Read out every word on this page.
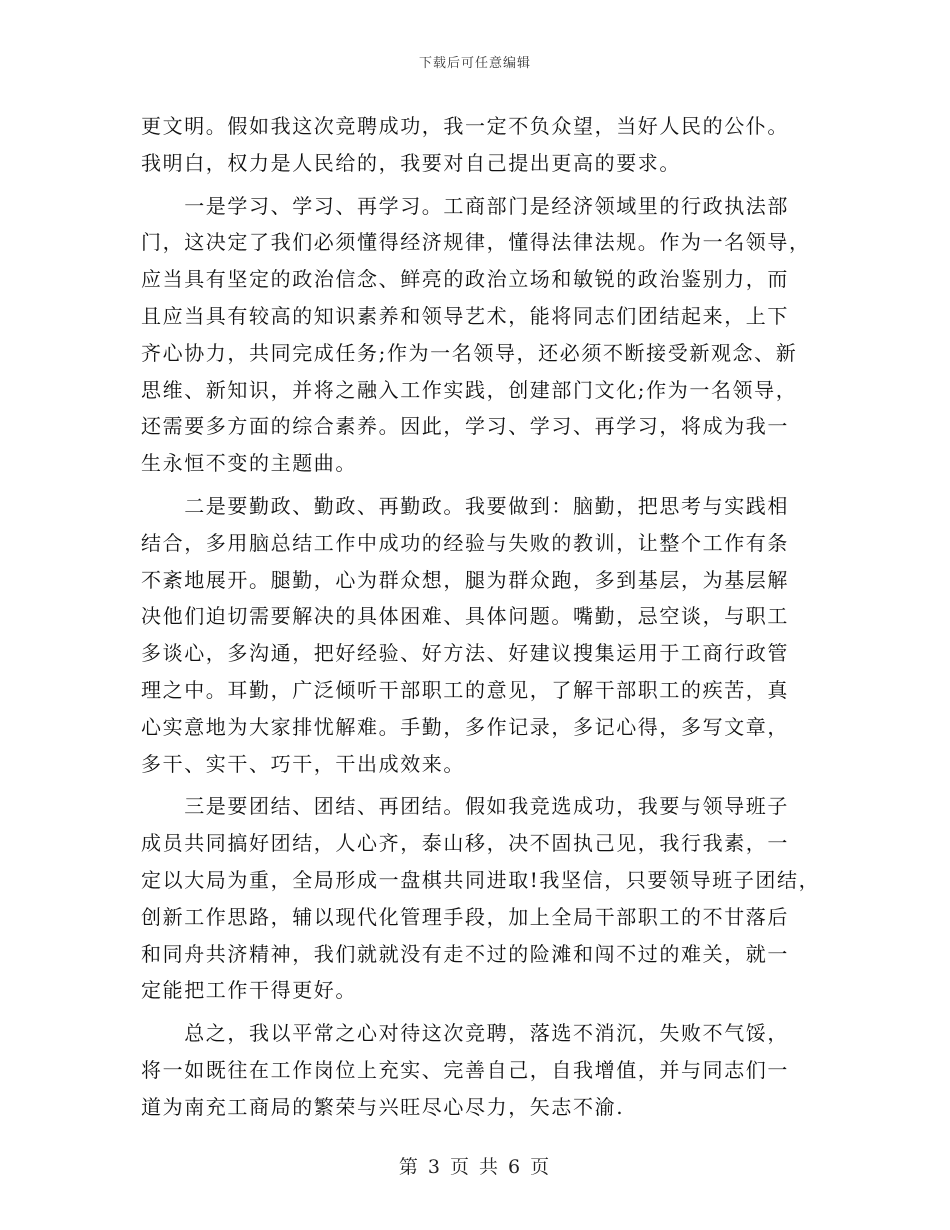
下载后可任意编辑
更文明。假如我这次竞聘成功，我一定不负众望，当好人民的公仆。
我明白，权力是人民给的，我要对自己提出更高的要求。
　　一是学习、学习、再学习。工商部门是经济领域里的行政执法部
门，这决定了我们必须懂得经济规律，懂得法律法规。作为一名领导，
应当具有坚定的政治信念、鲜亮的政治立场和敏锐的政治鉴别力，而
且应当具有较高的知识素养和领导艺术，能将同志们团结起来，上下
齐心协力，共同完成任务;作为一名领导，还必须不断接受新观念、新
思维、新知识，并将之融入工作实践，创建部门文化;作为一名领导，
还需要多方面的综合素养。因此，学习、学习、再学习，将成为我一
生永恒不变的主题曲。
　　二是要勤政、勤政、再勤政。我要做到：脑勤，把思考与实践相
结合，多用脑总结工作中成功的经验与失败的教训，让整个工作有条
不紊地展开。腿勤，心为群众想，腿为群众跑，多到基层，为基层解
决他们迫切需要解决的具体困难、具体问题。嘴勤，忌空谈，与职工
多谈心，多沟通，把好经验、好方法、好建议搜集运用于工商行政管
理之中。耳勤，广泛倾听干部职工的意见，了解干部职工的疾苦，真
心实意地为大家排忧解难。手勤，多作记录，多记心得，多写文章，
多干、实干、巧干，干出成效来。
　　三是要团结、团结、再团结。假如我竞选成功，我要与领导班子
成员共同搞好团结，人心齐，泰山移，决不固执己见，我行我素，一
定以大局为重，全局形成一盘棋共同进取!我坚信，只要领导班子团结，
创新工作思路，辅以现代化管理手段，加上全局干部职工的不甘落后
和同舟共济精神，我们就就没有走不过的险滩和闯不过的难关，就一
定能把工作干得更好。
　　总之，我以平常之心对待这次竞聘，落选不消沉，失败不气馁，
将一如既往在工作岗位上充实、完善自己，自我增值，并与同志们一
道为南充工商局的繁荣与兴旺尽心尽力，矢志不渝.
第 3 页 共 6 页
